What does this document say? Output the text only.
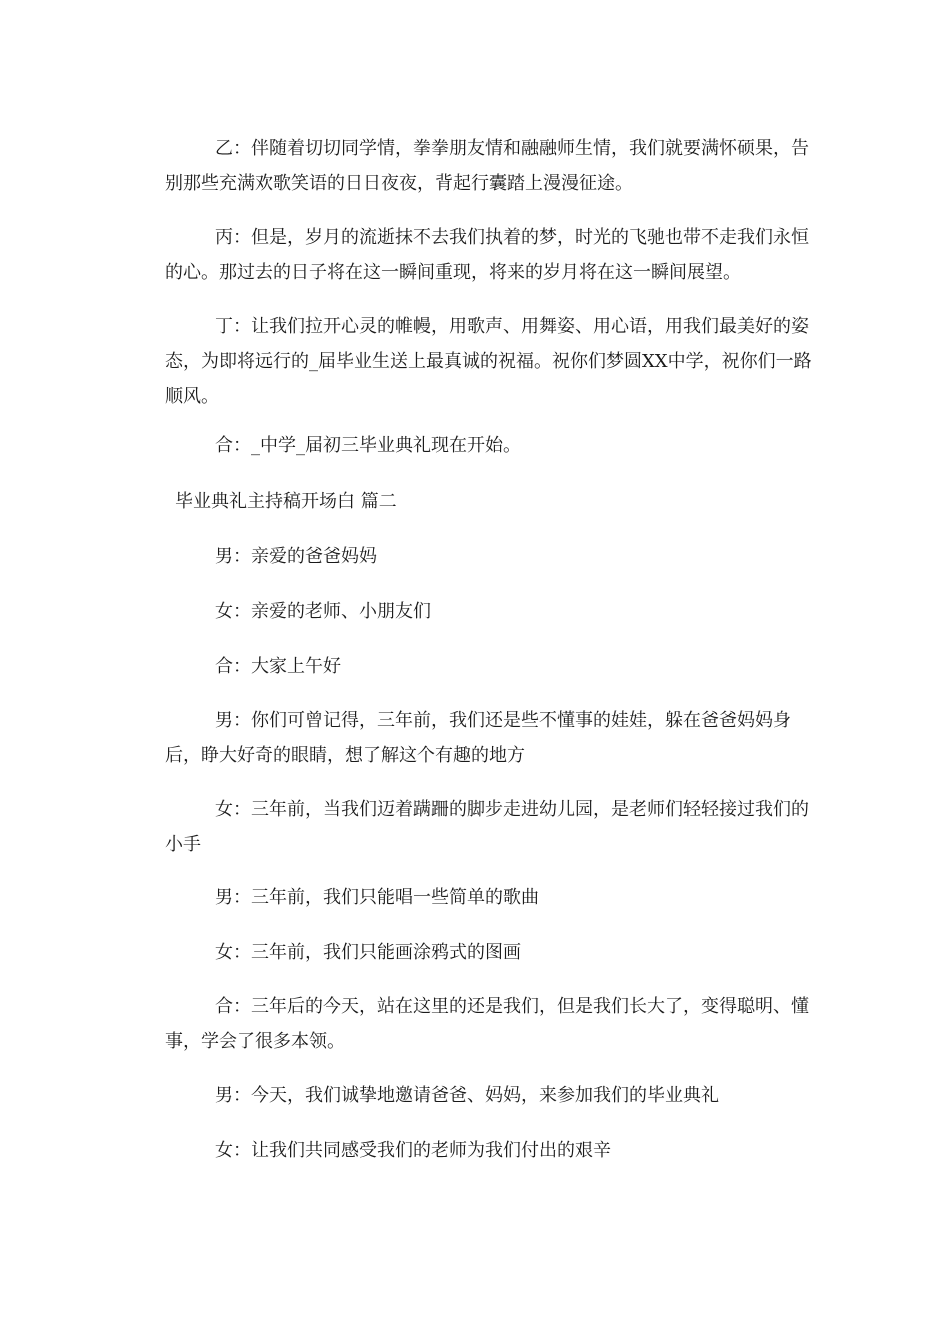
乙：伴随着切切同学情，拳拳朋友情和融融师生情，我们就要满怀硕果，告别那些充满欢歌笑语的日日夜夜，背起行囊踏上漫漫征途。

丙：但是，岁月的流逝抹不去我们执着的梦，时光的飞驰也带不走我们永恒的心。那过去的日子将在这一瞬间重现，将来的岁月将在这一瞬间展望。

丁：让我们拉开心灵的帷幔，用歌声、用舞姿、用心语，用我们最美好的姿态，为即将远行的_届毕业生送上最真诚的祝福。祝你们梦圆XX中学，祝你们一路顺风。

合：_中学_届初三毕业典礼现在开始。

毕业典礼主持稿开场白 篇二

男：亲爱的爸爸妈妈

女：亲爱的老师、小朋友们

合：大家上午好

男：你们可曾记得，三年前，我们还是些不懂事的娃娃，躲在爸爸妈妈身后，睁大好奇的眼睛，想了解这个有趣的地方

女：三年前，当我们迈着蹒跚的脚步走进幼儿园，是老师们轻轻接过我们的小手

男：三年前，我们只能唱一些简单的歌曲

女：三年前，我们只能画涂鸦式的图画

合：三年后的今天，站在这里的还是我们，但是我们长大了，变得聪明、懂事，学会了很多本领。

男：今天，我们诚挚地邀请爸爸、妈妈，来参加我们的毕业典礼

女：让我们共同感受我们的老师为我们付出的艰辛
